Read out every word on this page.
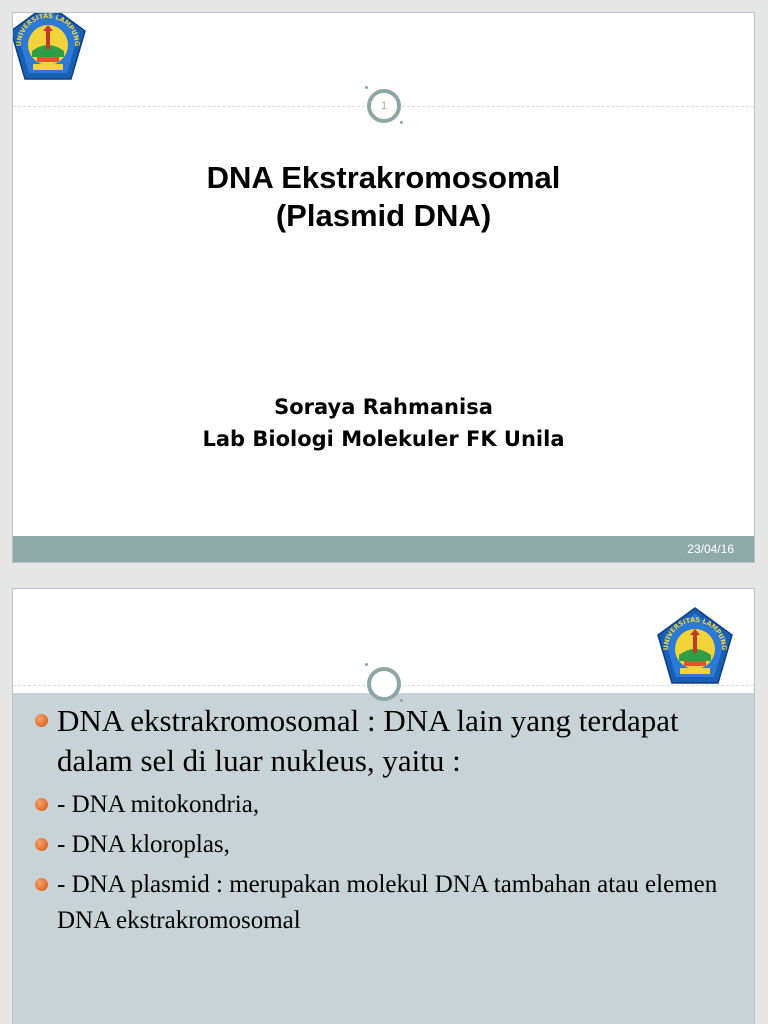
UNIVERSITAS LAMPUNG
1
DNA Ekstrakromosomal
(Plasmid DNA)
Soraya Rahmanisa
Lab Biologi Molekuler FK Unila
23/04/16
UNIVERSITAS LAMPUNG
DNA ekstrakromosomal : DNA lain yang terdapat dalam sel di luar nukleus, yaitu :
- DNA mitokondria,
- DNA kloroplas,
- DNA plasmid : merupakan molekul DNA tambahan atau elemen DNA ekstrakromosomal
